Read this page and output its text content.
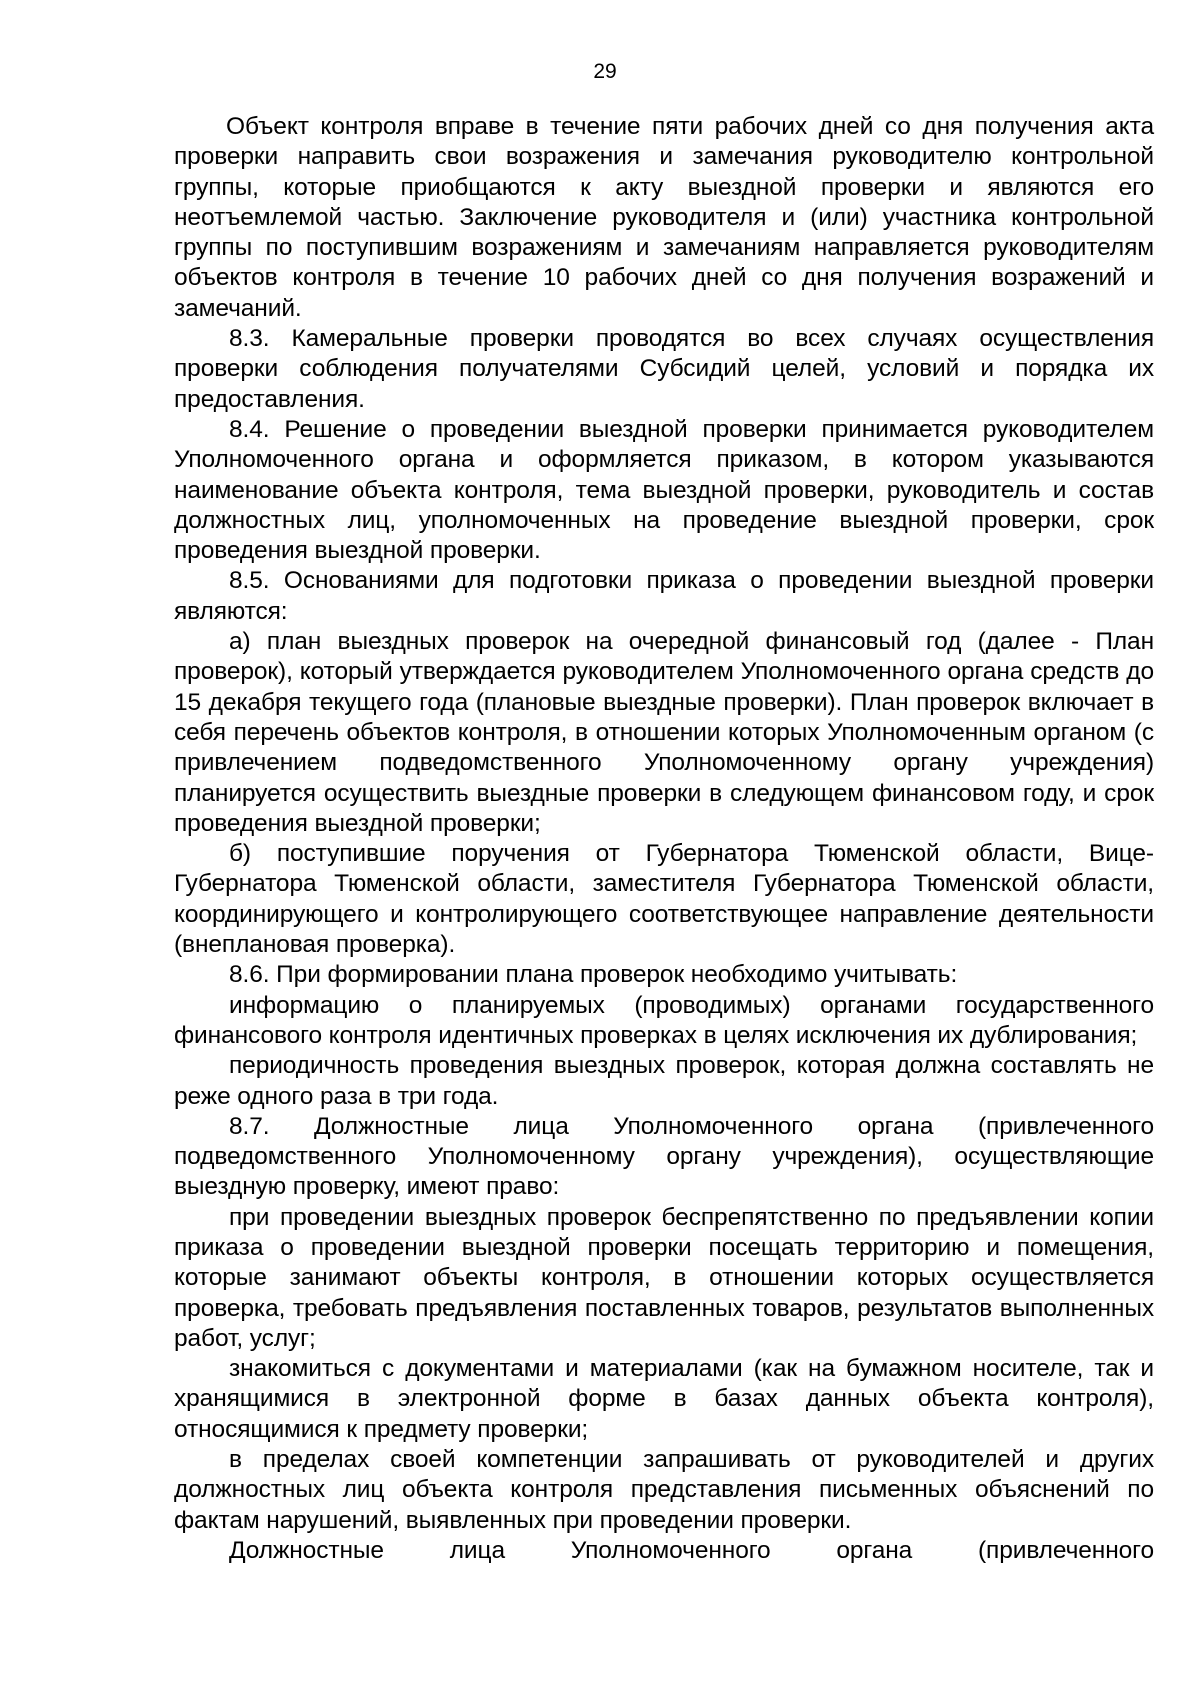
29

Объект контроля вправе в течение пяти рабочих дней со дня получения акта проверки направить свои возражения и замечания руководителю контрольной группы, которые приобщаются к акту выездной проверки и являются его неотъемлемой частью. Заключение руководителя и (или) участника контрольной группы по поступившим возражениям и замечаниям направляется руководителям объектов контроля в течение 10 рабочих дней со дня получения возражений и замечаний.

8.3. Камеральные проверки проводятся во всех случаях осуществления проверки соблюдения получателями Субсидий целей, условий и порядка их предоставления.

8.4. Решение о проведении выездной проверки принимается руководителем Уполномоченного органа и оформляется приказом, в котором указываются наименование объекта контроля, тема выездной проверки, руководитель и состав должностных лиц, уполномоченных на проведение выездной проверки, срок проведения выездной проверки.

8.5. Основаниями для подготовки приказа о проведении выездной проверки являются:

а) план выездных проверок на очередной финансовый год (далее - План проверок), который утверждается руководителем Уполномоченного органа средств до 15 декабря текущего года (плановые выездные проверки). План проверок включает в себя перечень объектов контроля, в отношении которых Уполномоченным органом (с привлечением подведомственного Уполномоченному органу учреждения) планируется осуществить выездные проверки в следующем финансовом году, и срок проведения выездной проверки;

б) поступившие поручения от Губернатора Тюменской области, Вице-Губернатора Тюменской области, заместителя Губернатора Тюменской области, координирующего и контролирующего соответствующее направление деятельности (внеплановая проверка).

8.6. При формировании плана проверок необходимо учитывать:

информацию о планируемых (проводимых) органами государственного финансового контроля идентичных проверках в целях исключения их дублирования;

периодичность проведения выездных проверок, которая должна составлять не реже одного раза в три года.

8.7. Должностные лица Уполномоченного органа (привлеченного подведомственного Уполномоченному органу учреждения), осуществляющие выездную проверку, имеют право:

при проведении выездных проверок беспрепятственно по предъявлении копии приказа о проведении выездной проверки посещать территорию и помещения, которые занимают объекты контроля, в отношении которых осуществляется проверка, требовать предъявления поставленных товаров, результатов выполненных работ, услуг;

знакомиться с документами и материалами (как на бумажном носителе, так и хранящимися в электронной форме в базах данных объекта контроля), относящимися к предмету проверки;

в пределах своей компетенции запрашивать от руководителей и других должностных лиц объекта контроля представления письменных объяснений по фактам нарушений, выявленных при проведении проверки.

Должностные лица Уполномоченного органа (привлеченного
